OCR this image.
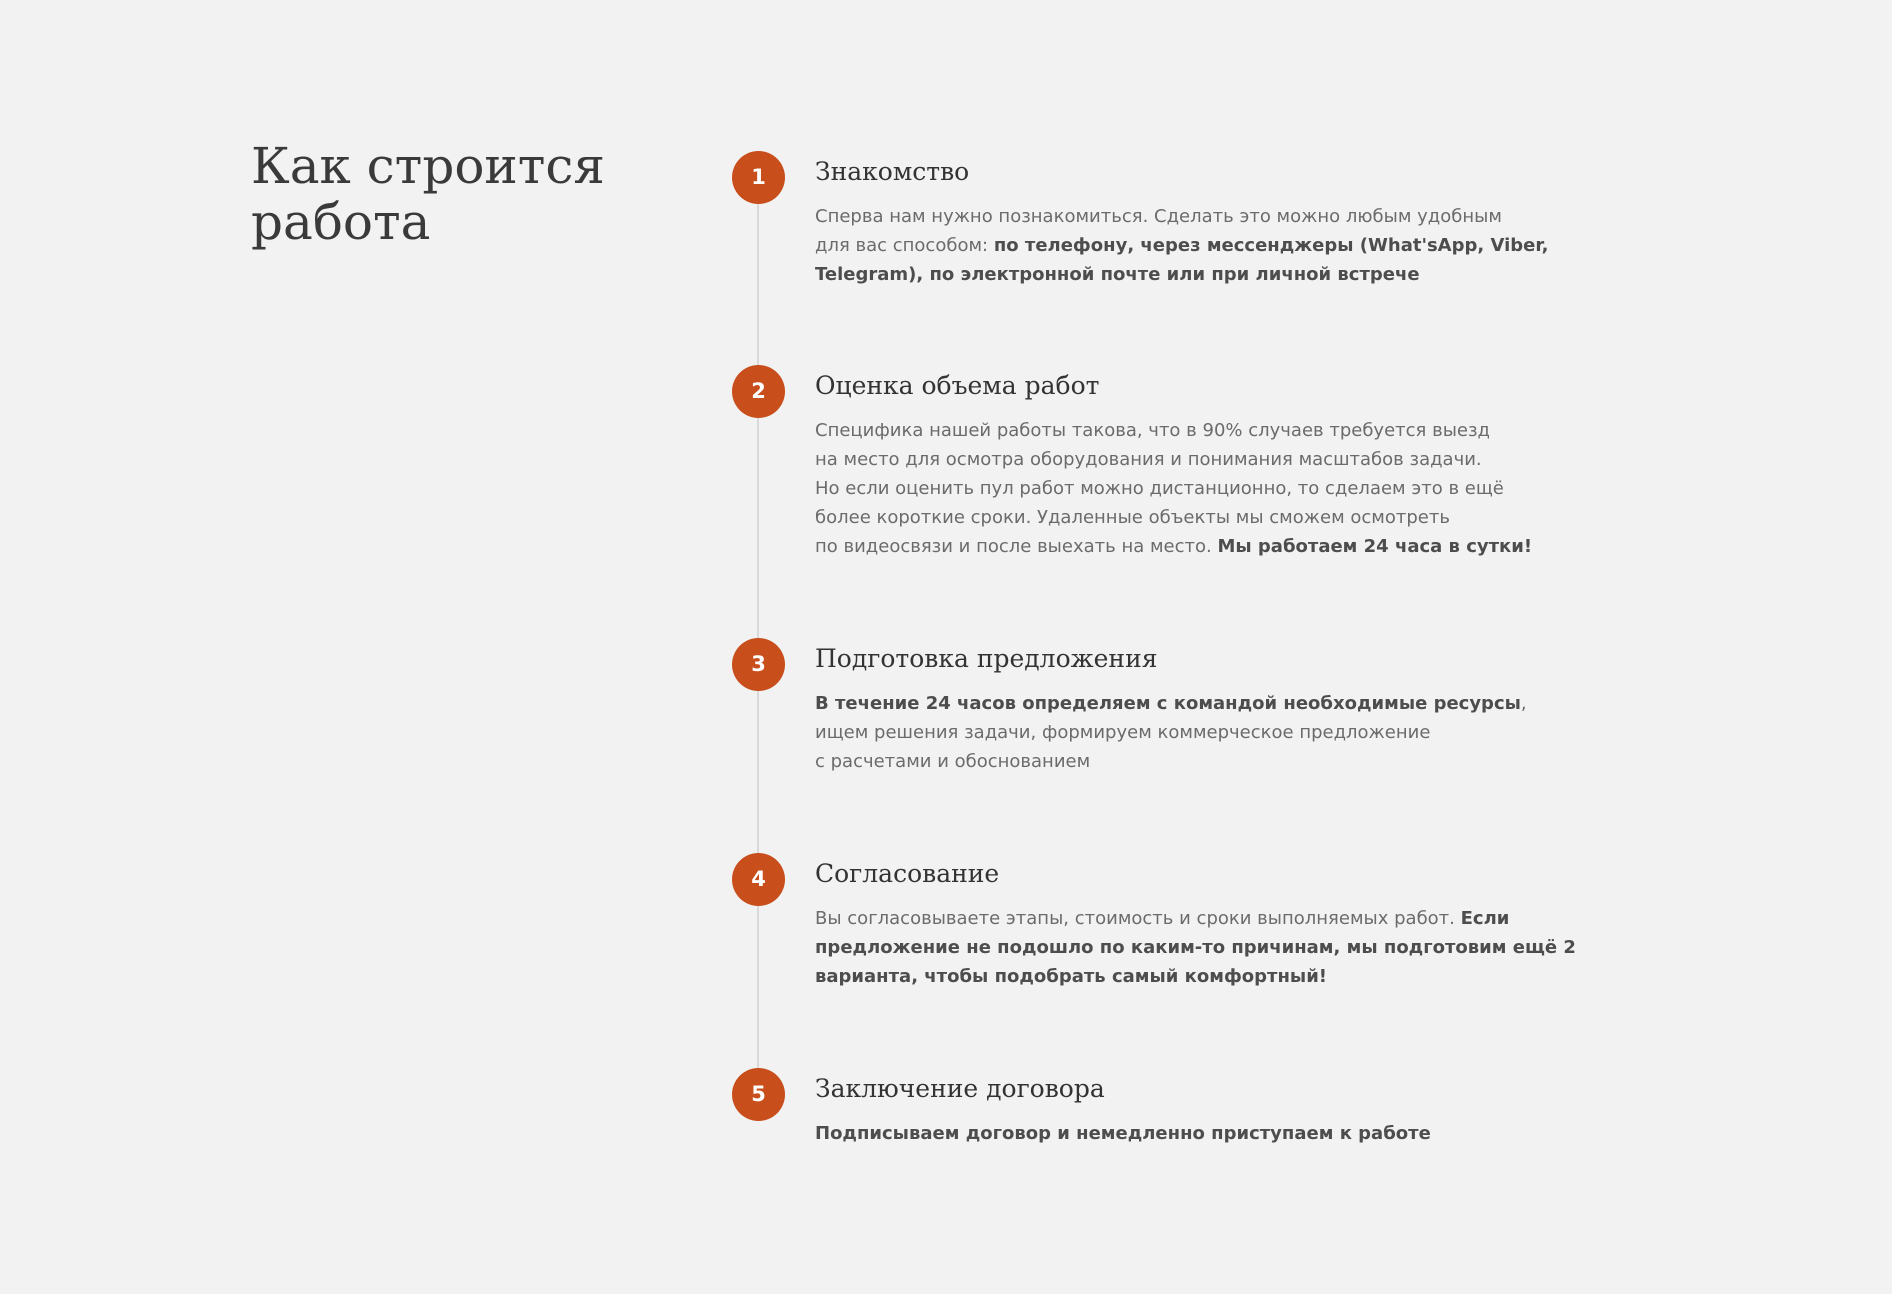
Как строится
работа
1	Знакомство

Сперва нам нужно познакомиться. Сделать это можно любым удобным
для вас способом: по телефону, через мессенджеры (What'sApp, Viber,
Telegram), по электронной почте или при личной встрече

2	Оценка объема работ

Специфика нашей работы такова, что в 90% случаев требуется выезд
на место для осмотра оборудования и понимания масштабов задачи.
Но если оценить пул работ можно дистанционно, то сделаем это в ещё
более короткие сроки. Удаленные объекты мы сможем осмотреть
по видеосвязи и после выехать на место. Мы работаем 24 часа в сутки!

3	Подготовка предложения

В течение 24 часов определяем с командой необходимые ресурсы,
ищем решения задачи, формируем коммерческое предложение
с расчетами и обоснованием

4	Согласование

Вы согласовываете этапы, стоимость и сроки выполняемых работ. Если
предложение не подошло по каким-то причинам, мы подготовим ещё 2
варианта, чтобы подобрать самый комфортный!

5	Заключение договора

Подписываем договор и немедленно приступаем к работе
